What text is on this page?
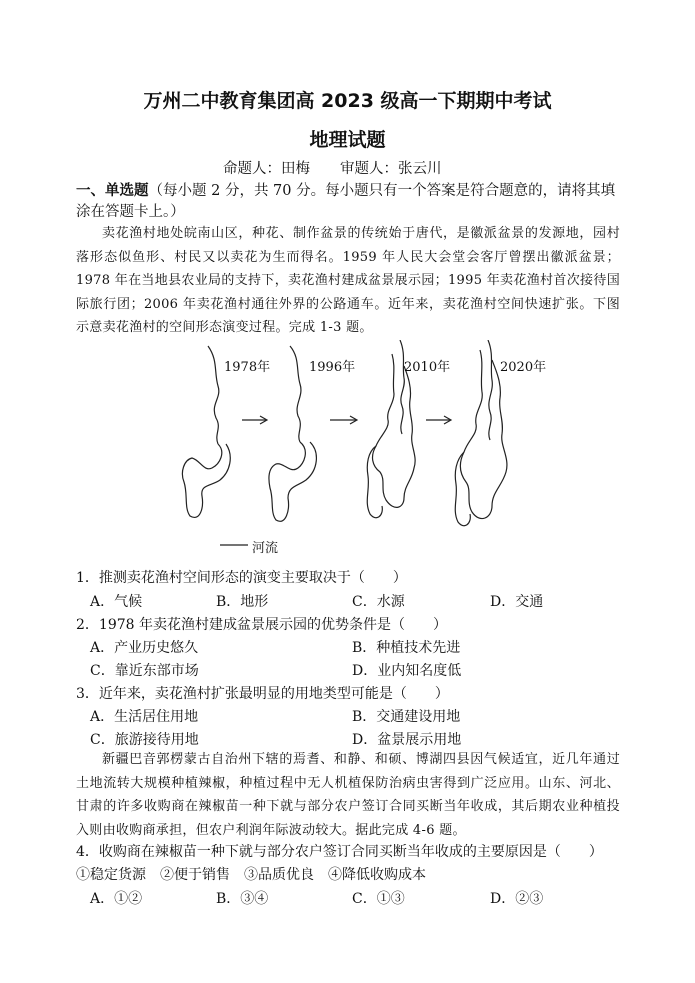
万州二中教育集团高 2023 级高一下期期中考试
地理试题
命题人：田梅 审题人：张云川
一、单选题（每小题 2 分，共 70 分。每小题只有一个答案是符合题意的，请将其填涂在答题卡上。）
卖花渔村地处皖南山区，种花、制作盆景的传统始于唐代，是徽派盆景的发源地，园村落形态似鱼形、村民又以卖花为生而得名。1959 年人民大会堂会客厅曾摆出徽派盆景；1978 年在当地县农业局的支持下，卖花渔村建成盆景展示园；1995 年卖花渔村首次接待国际旅行团；2006 年卖花渔村通往外界的公路通车。近年来，卖花渔村空间快速扩张。下图示意卖花渔村的空间形态演变过程。完成 1-3 题。
1978年	1996年	2010年	2020年
河流
1．推测卖花渔村空间形态的演变主要取决于（　　）
A．气候	B．地形	C．水源	D．交通
2．1978 年卖花渔村建成盆景展示园的优势条件是（　　）
A．产业历史悠久	B．种植技术先进
C．靠近东部市场	D．业内知名度低
3．近年来，卖花渔村扩张最明显的用地类型可能是（　　）
A．生活居住用地	B．交通建设用地
C．旅游接待用地	D．盆景展示用地
新疆巴音郭楞蒙古自治州下辖的焉耆、和静、和硕、博湖四县因气候适宜，近几年通过土地流转大规模种植辣椒，种植过程中无人机植保防治病虫害得到广泛应用。山东、河北、甘肃的许多收购商在辣椒苗一种下就与部分农户签订合同买断当年收成，其后期农业种植投入则由收购商承担，但农户利润年际波动较大。据此完成 4-6 题。
4．收购商在辣椒苗一种下就与部分农户签订合同买断当年收成的主要原因是（　　）
①稳定货源 ②便于销售 ③品质优良 ④降低收购成本
A．①②	B．③④	C．①③	D．②③
